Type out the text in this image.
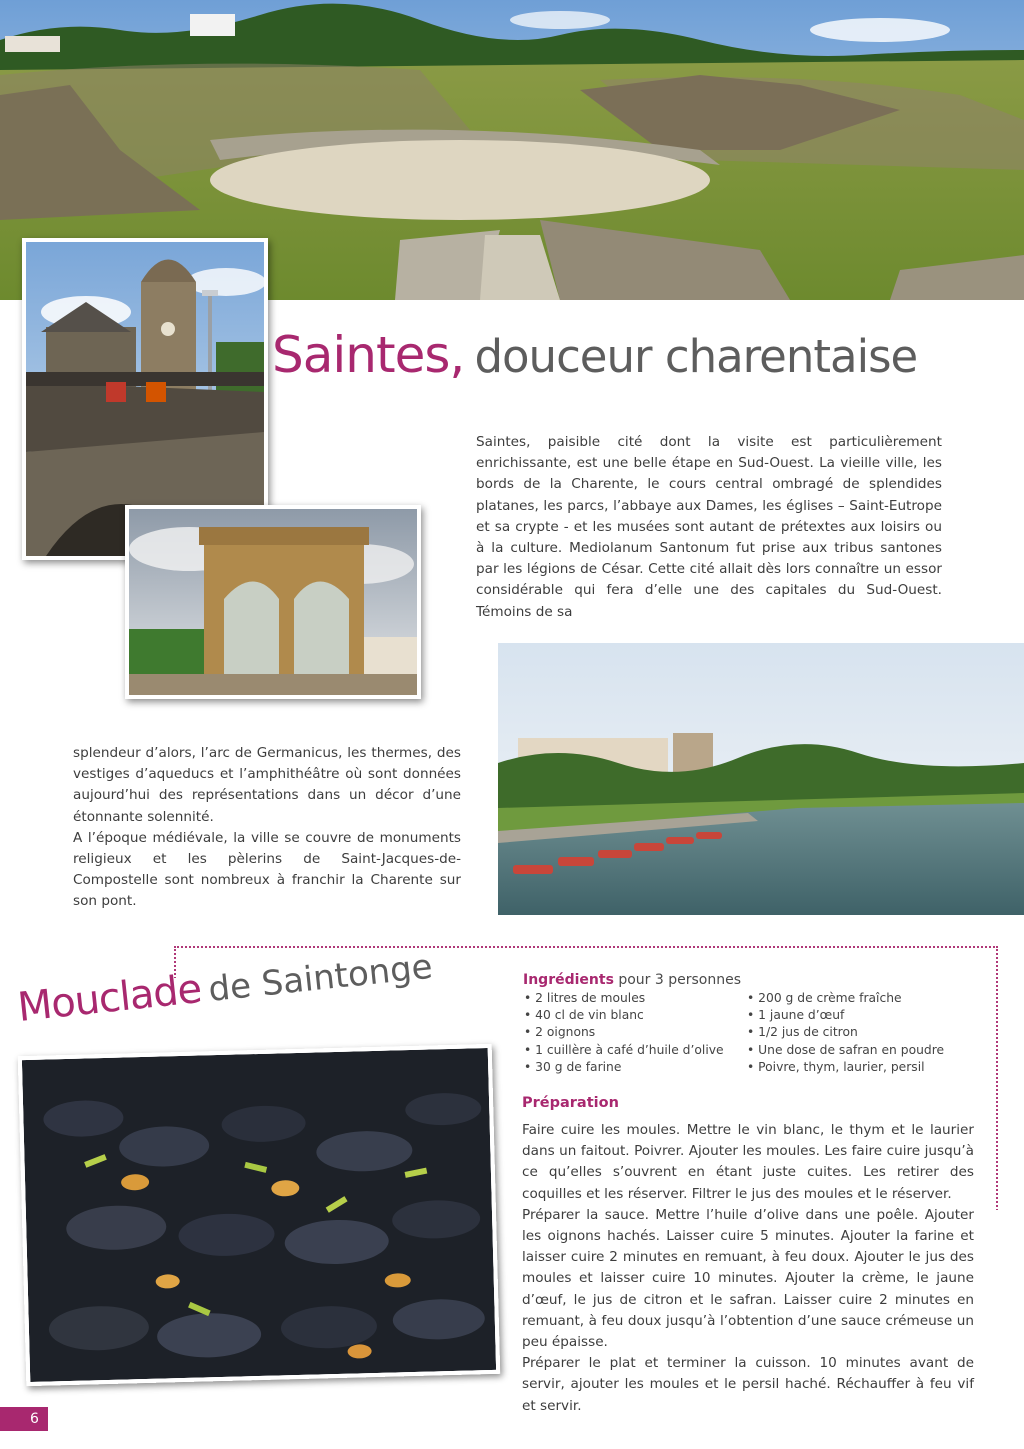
Saintes, douceur charentaise

Saintes, paisible cité dont la visite est particulièrement enrichissante, est une belle étape en Sud-Ouest. La vieille ville, les bords de la Charente, le cours central ombragé de splendides platanes, les parcs, l’abbaye aux Dames, les églises – Saint-Eutrope et sa crypte - et les musées sont autant de prétextes aux loisirs ou à la culture. Mediolanum Santonum fut prise aux tribus santones par les légions de César. Cette cité allait dès lors connaître un essor considérable qui fera d’elle une des capitales du Sud-Ouest. Témoins de sa

splendeur d’alors, l’arc de Germanicus, les thermes, des vestiges d’aqueducs et l’amphithéâtre où sont données aujourd’hui des représentations dans un décor d’une étonnante solennité.

A l’époque médiévale, la ville se couvre de monuments religieux et les pèlerins de Saint-Jacques-de-Compostelle sont nombreux à franchir la Charente sur son pont.

Mouclade de Saintonge	Ingrédients pour 3 personnes

• 2 litres de moules
• 40 cl de vin blanc
• 2 oignons
• 1 cuillère à café d’huile d’olive
• 30 g de farine
• 200 g de crème fraîche
• 1 jaune d’œuf
• 1/2 jus de citron
• Une dose de safran en poudre
• Poivre, thym, laurier, persil

Préparation

Faire cuire les moules. Mettre le vin blanc, le thym et le laurier dans un faitout. Poivrer. Ajouter les moules. Les faire cuire jusqu’à ce qu’elles s’ouvrent en étant juste cuites. Les retirer des coquilles et les réserver. Filtrer le jus des moules et le réserver.

Préparer la sauce. Mettre l’huile d’olive dans une poêle. Ajouter les oignons hachés. Laisser cuire 5 minutes. Ajouter la farine et laisser cuire 2 minutes en remuant, à feu doux. Ajouter le jus des moules et laisser cuire 10 minutes. Ajouter la crème, le jaune d’œuf, le jus de citron et le safran. Laisser cuire 2 minutes en remuant, à feu doux jusqu’à l’obtention d’une sauce crémeuse un peu épaisse.

Préparer le plat et terminer la cuisson. 10 minutes avant de servir, ajouter les moules et le persil haché. Réchauffer à feu vif et servir.

6
